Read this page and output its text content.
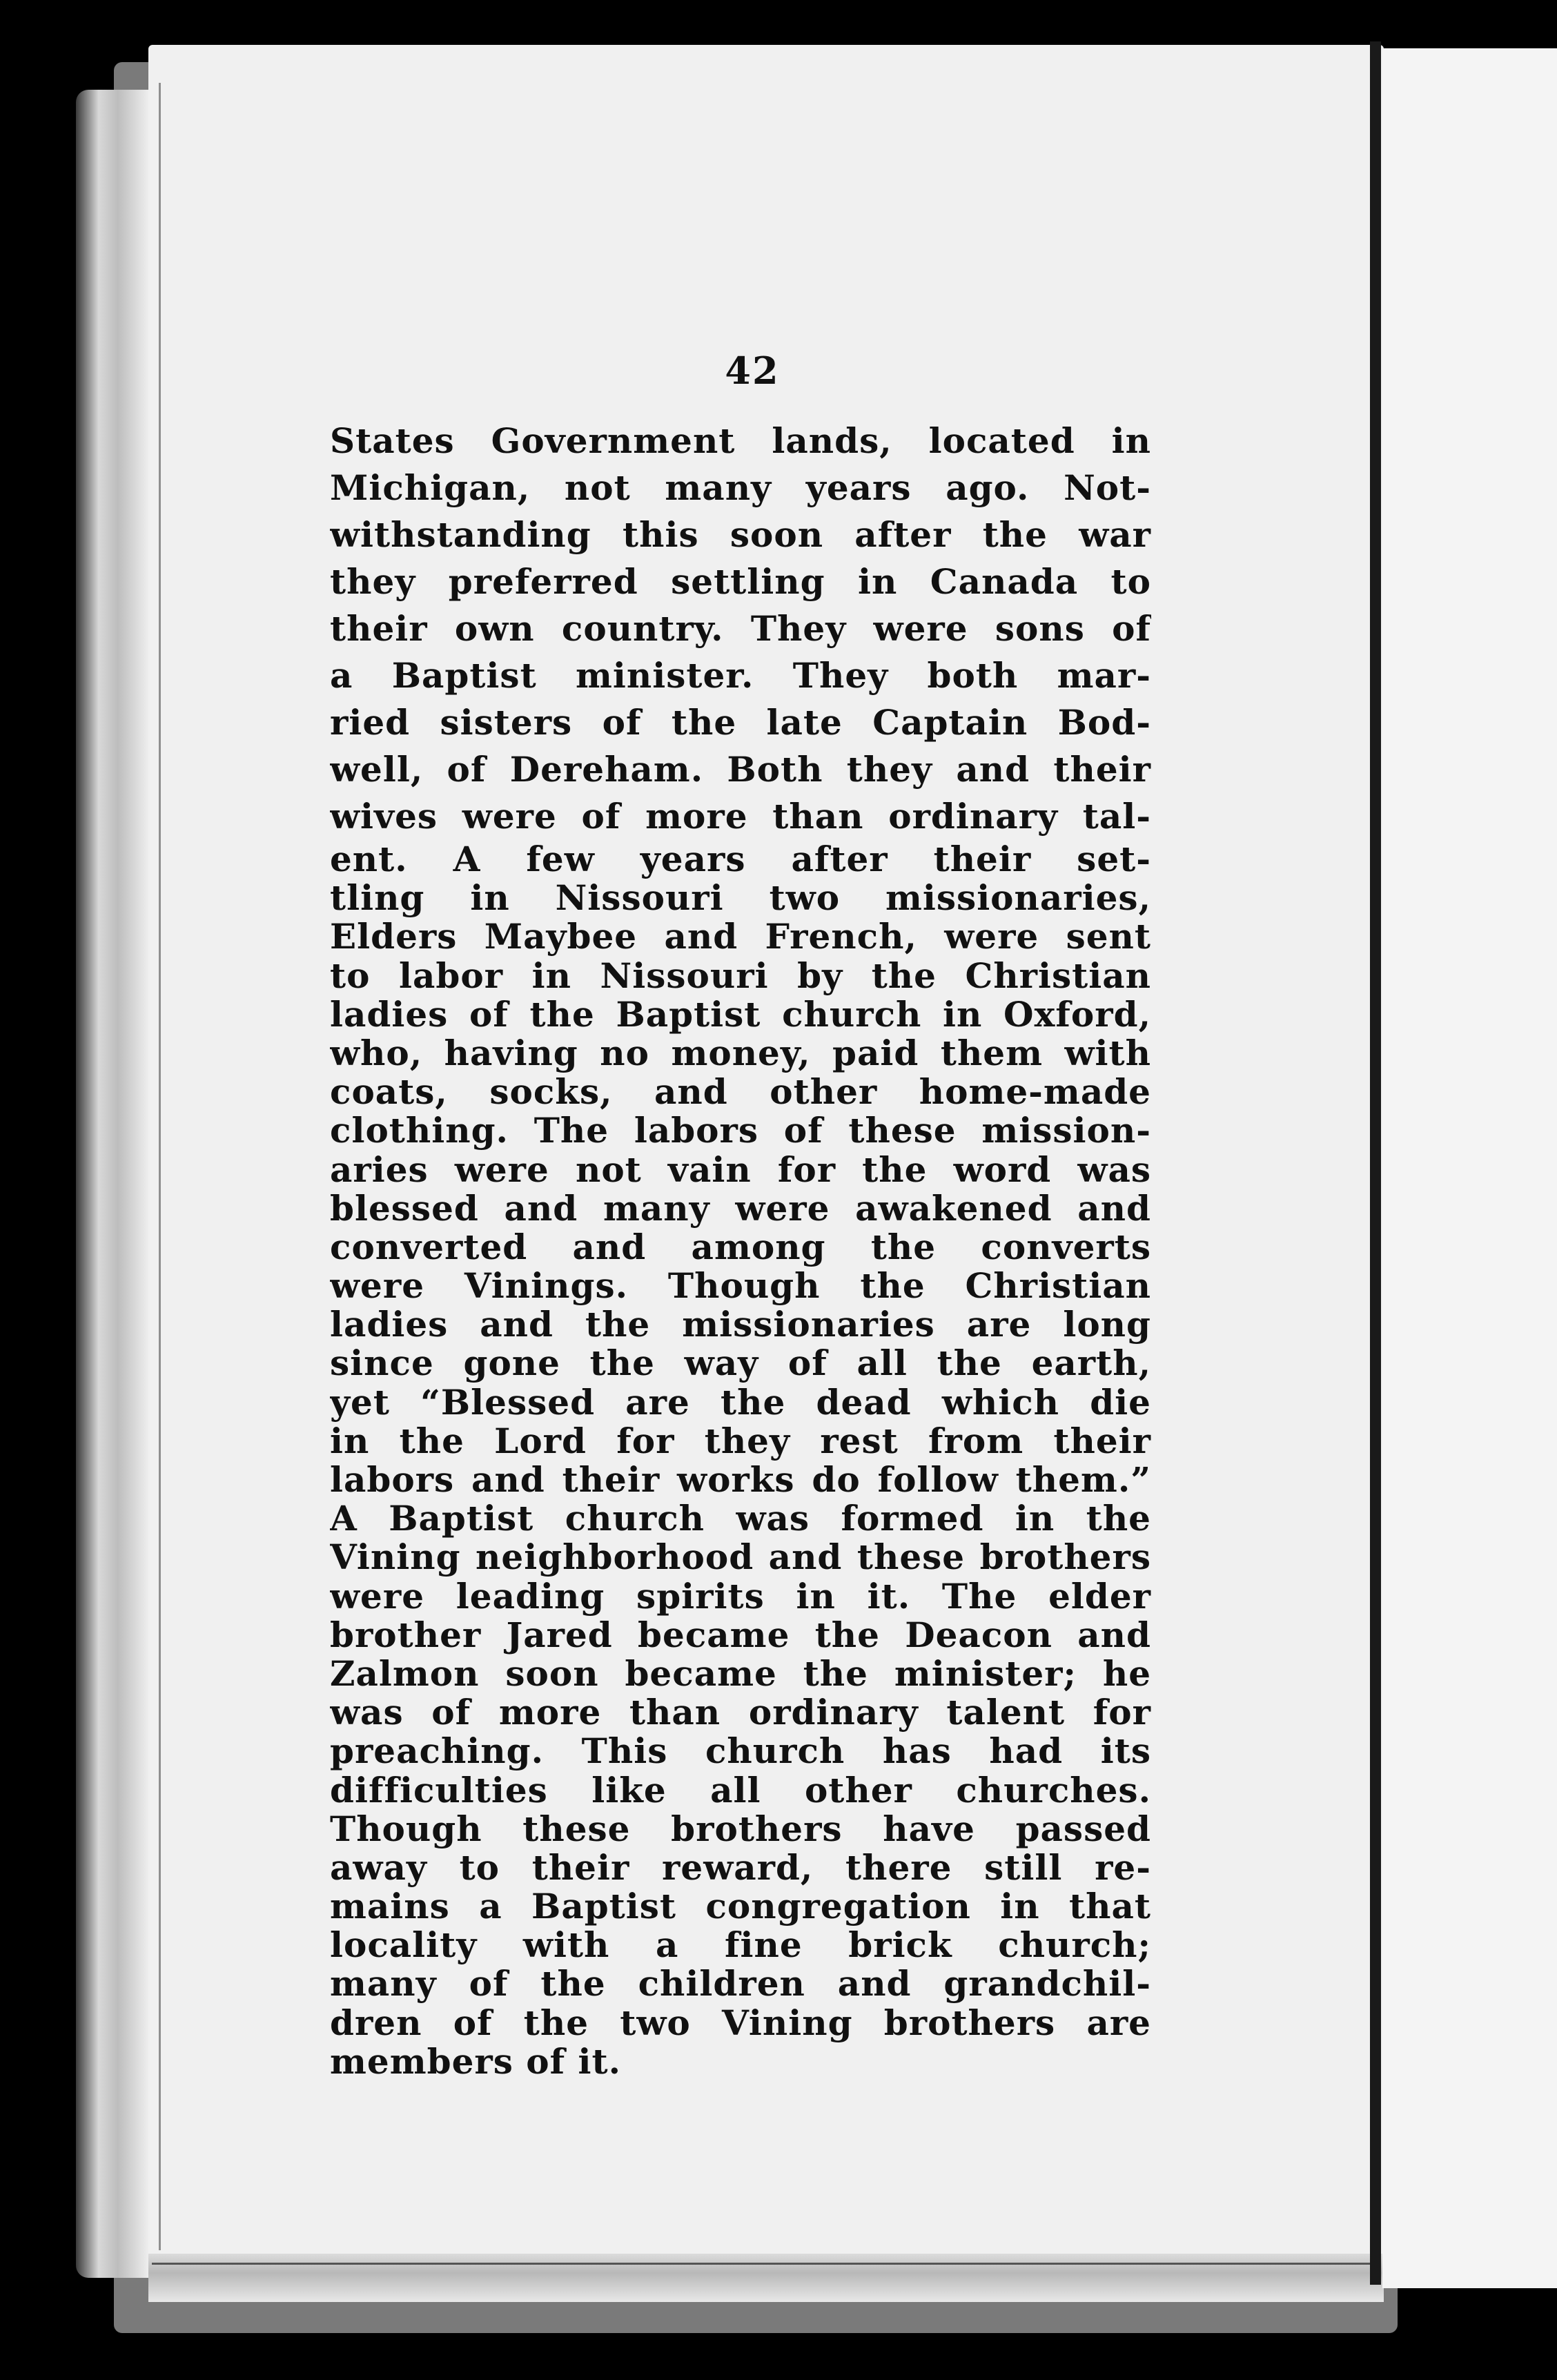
42
States Government lands, located in
Michigan, not many years ago. Not-
withstanding this soon after the war
they preferred settling in Canada to
their own country. They were sons of
a Baptist minister. They both mar-
ried sisters of the late Captain Bod-
well, of Dereham. Both they and their
wives were of more than ordinary tal-
ent. A few years after their set-
tling in Nissouri two missionaries,
Elders Maybee and French, were sent
to labor in Nissouri by the Christian
ladies of the Baptist church in Oxford,
who, having no money, paid them with
coats, socks, and other home-made
clothing. The labors of these mission-
aries were not vain for the word was
blessed and many were awakened and
converted and among the converts
were Vinings. Though the Christian
ladies and the missionaries are long
since gone the way of all the earth,
yet “Blessed are the dead which die
in the Lord for they rest from their
labors and their works do follow them.”
A Baptist church was formed in the
Vining neighborhood and these brothers
were leading spirits in it. The elder
brother Jared became the Deacon and
Zalmon soon became the minister; he
was of more than ordinary talent for
preaching. This church has had its
difficulties like all other churches.
Though these brothers have passed
away to their reward, there still re-
mains a Baptist congregation in that
locality with a fine brick church;
many of the children and grandchil-
dren of the two Vining brothers are
members of it.
